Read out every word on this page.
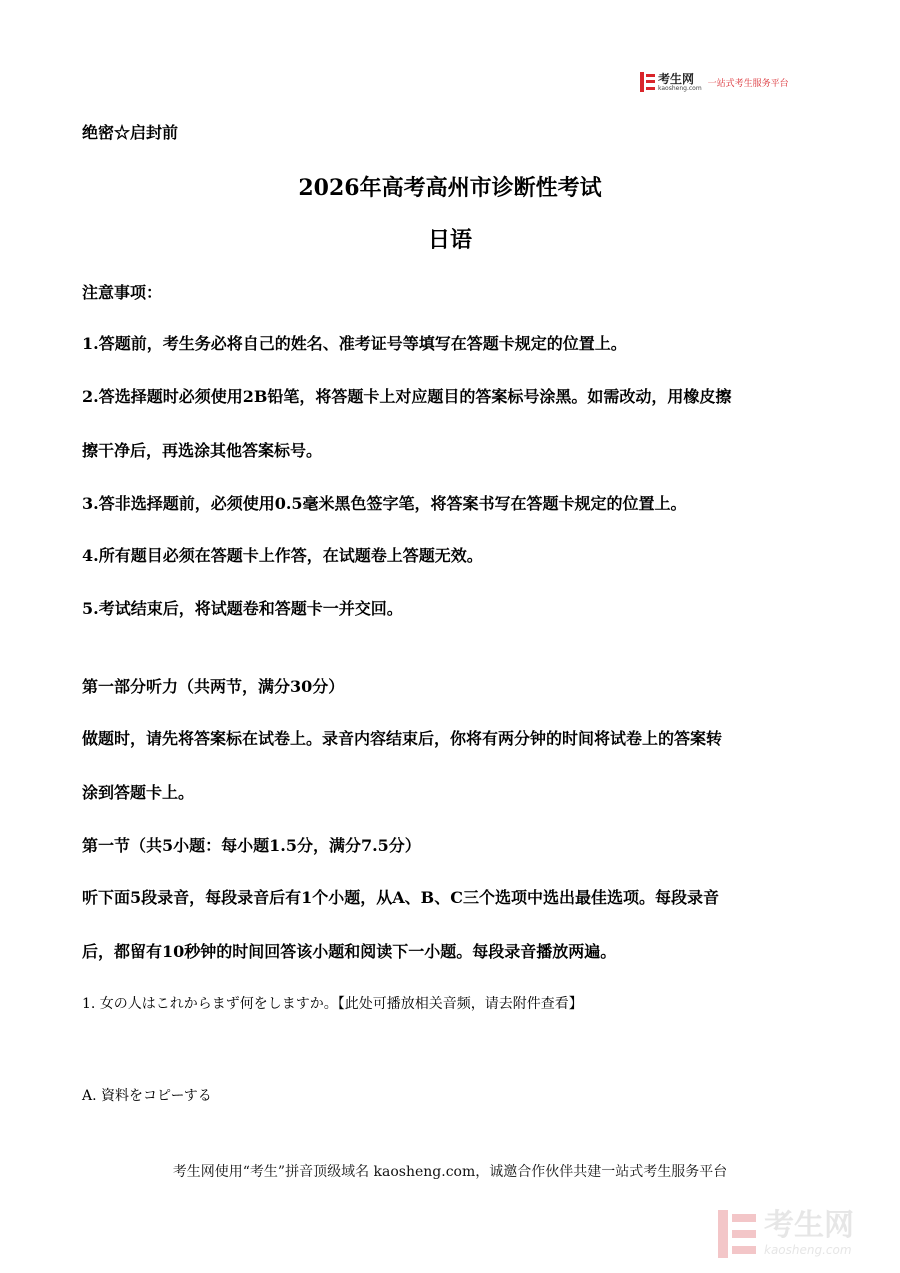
考生网
kaosheng.com 一站式考生服务平台
绝密☆启封前
2026年高考高州市诊断性考试
日语
注意事项：
1.答题前，考生务必将自己的姓名、准考证号等填写在答题卡规定的位置上。
2.答选择题时必须使用2B铅笔，将答题卡上对应题目的答案标号涂黑。如需改动，用橡皮擦
擦干净后，再选涂其他答案标号。
3.答非选择题前，必须使用0.5毫米黑色签字笔，将答案书写在答题卡规定的位置上。
4.所有题目必须在答题卡上作答，在试题卷上答题无效。
5.考试结束后，将试题卷和答题卡一并交回。
第一部分听力（共两节，满分30分）
做题时，请先将答案标在试卷上。录音内容结束后，你将有两分钟的时间将试卷上的答案转
涂到答题卡上。
第一节（共5小题：每小题1.5分，满分7.5分）
听下面5段录音，每段录音后有1个小题，从A、B、C三个选项中选出最佳选项。每段录音
后，都留有10秒钟的时间回答该小题和阅读下一小题。每段录音播放两遍。
1. 女の人はこれからまず何をしますか。【此处可播放相关音频，请去附件查看】
A. 資料をコピーする
考生网使用“考生”拼音顶级域名 kaosheng.com，诚邀合作伙伴共建一站式考生服务平台
考生网
kaosheng.com
